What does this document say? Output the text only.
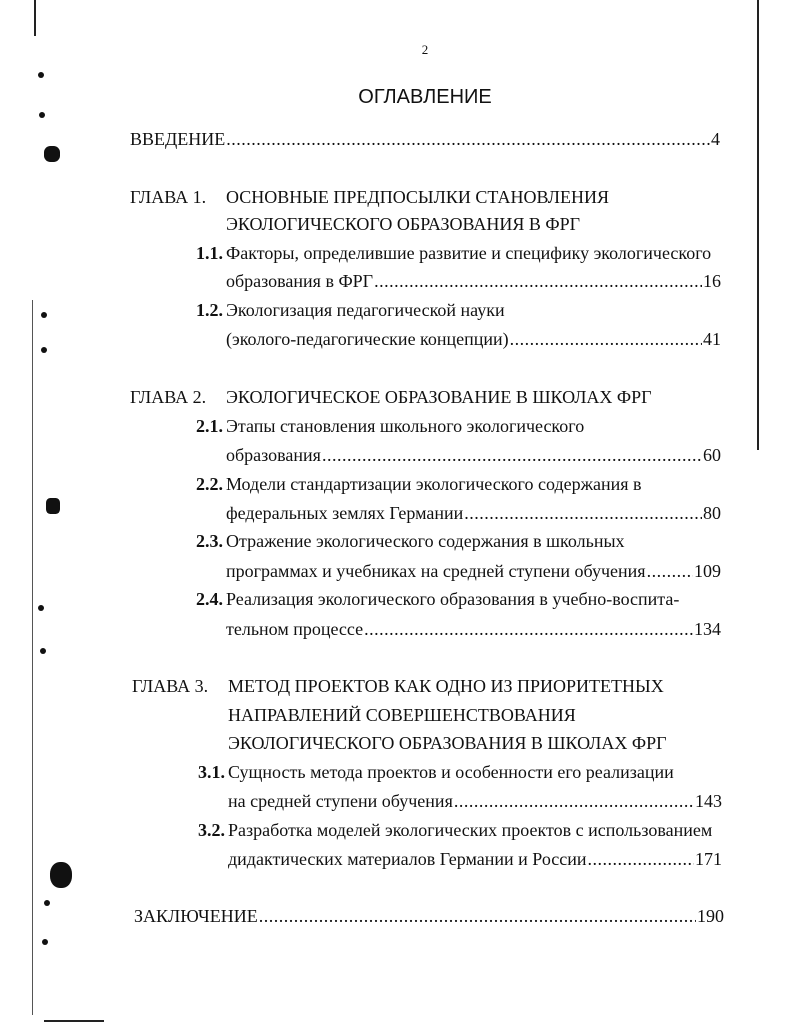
2
ОГЛАВЛЕНИЕ
ВВЕДЕНИЕ .....	4
ГЛАВА 1. ОСНОВНЫЕ ПРЕДПОСЫЛКИ СТАНОВЛЕНИЯ
ЭКОЛОГИЧЕСКОГО ОБРАЗОВАНИЯ В ФРГ
1.1. Факторы, определившие развитие и специфику экологического
образования в ФРГ .....	16
1.2. Экологизация педагогической науки
(эколого-педагогические концепции) .....	41
ГЛАВА 2. ЭКОЛОГИЧЕСКОЕ ОБРАЗОВАНИЕ В ШКОЛАХ ФРГ
2.1. Этапы становления школьного экологического
образования .....	60
2.2. Модели стандартизации экологического содержания в
федеральных землях Германии .....	80
2.3. Отражение экологического содержания в школьных
программах и учебниках на средней ступени обучения .....	109
2.4. Реализация экологического образования в учебно-воспита-
тельном процессе .....	134
ГЛАВА 3. МЕТОД ПРОЕКТОВ КАК ОДНО ИЗ ПРИОРИТЕТНЫХ
НАПРАВЛЕНИЙ СОВЕРШЕНСТВОВАНИЯ
ЭКОЛОГИЧЕСКОГО ОБРАЗОВАНИЯ В ШКОЛАХ ФРГ
3.1. Сущность метода проектов и особенности его реализации
на средней ступени обучения .....	143
3.2. Разработка моделей экологических проектов с использованием
дидактических материалов Германии и России .....	171
ЗАКЛЮЧЕНИЕ .....	190
